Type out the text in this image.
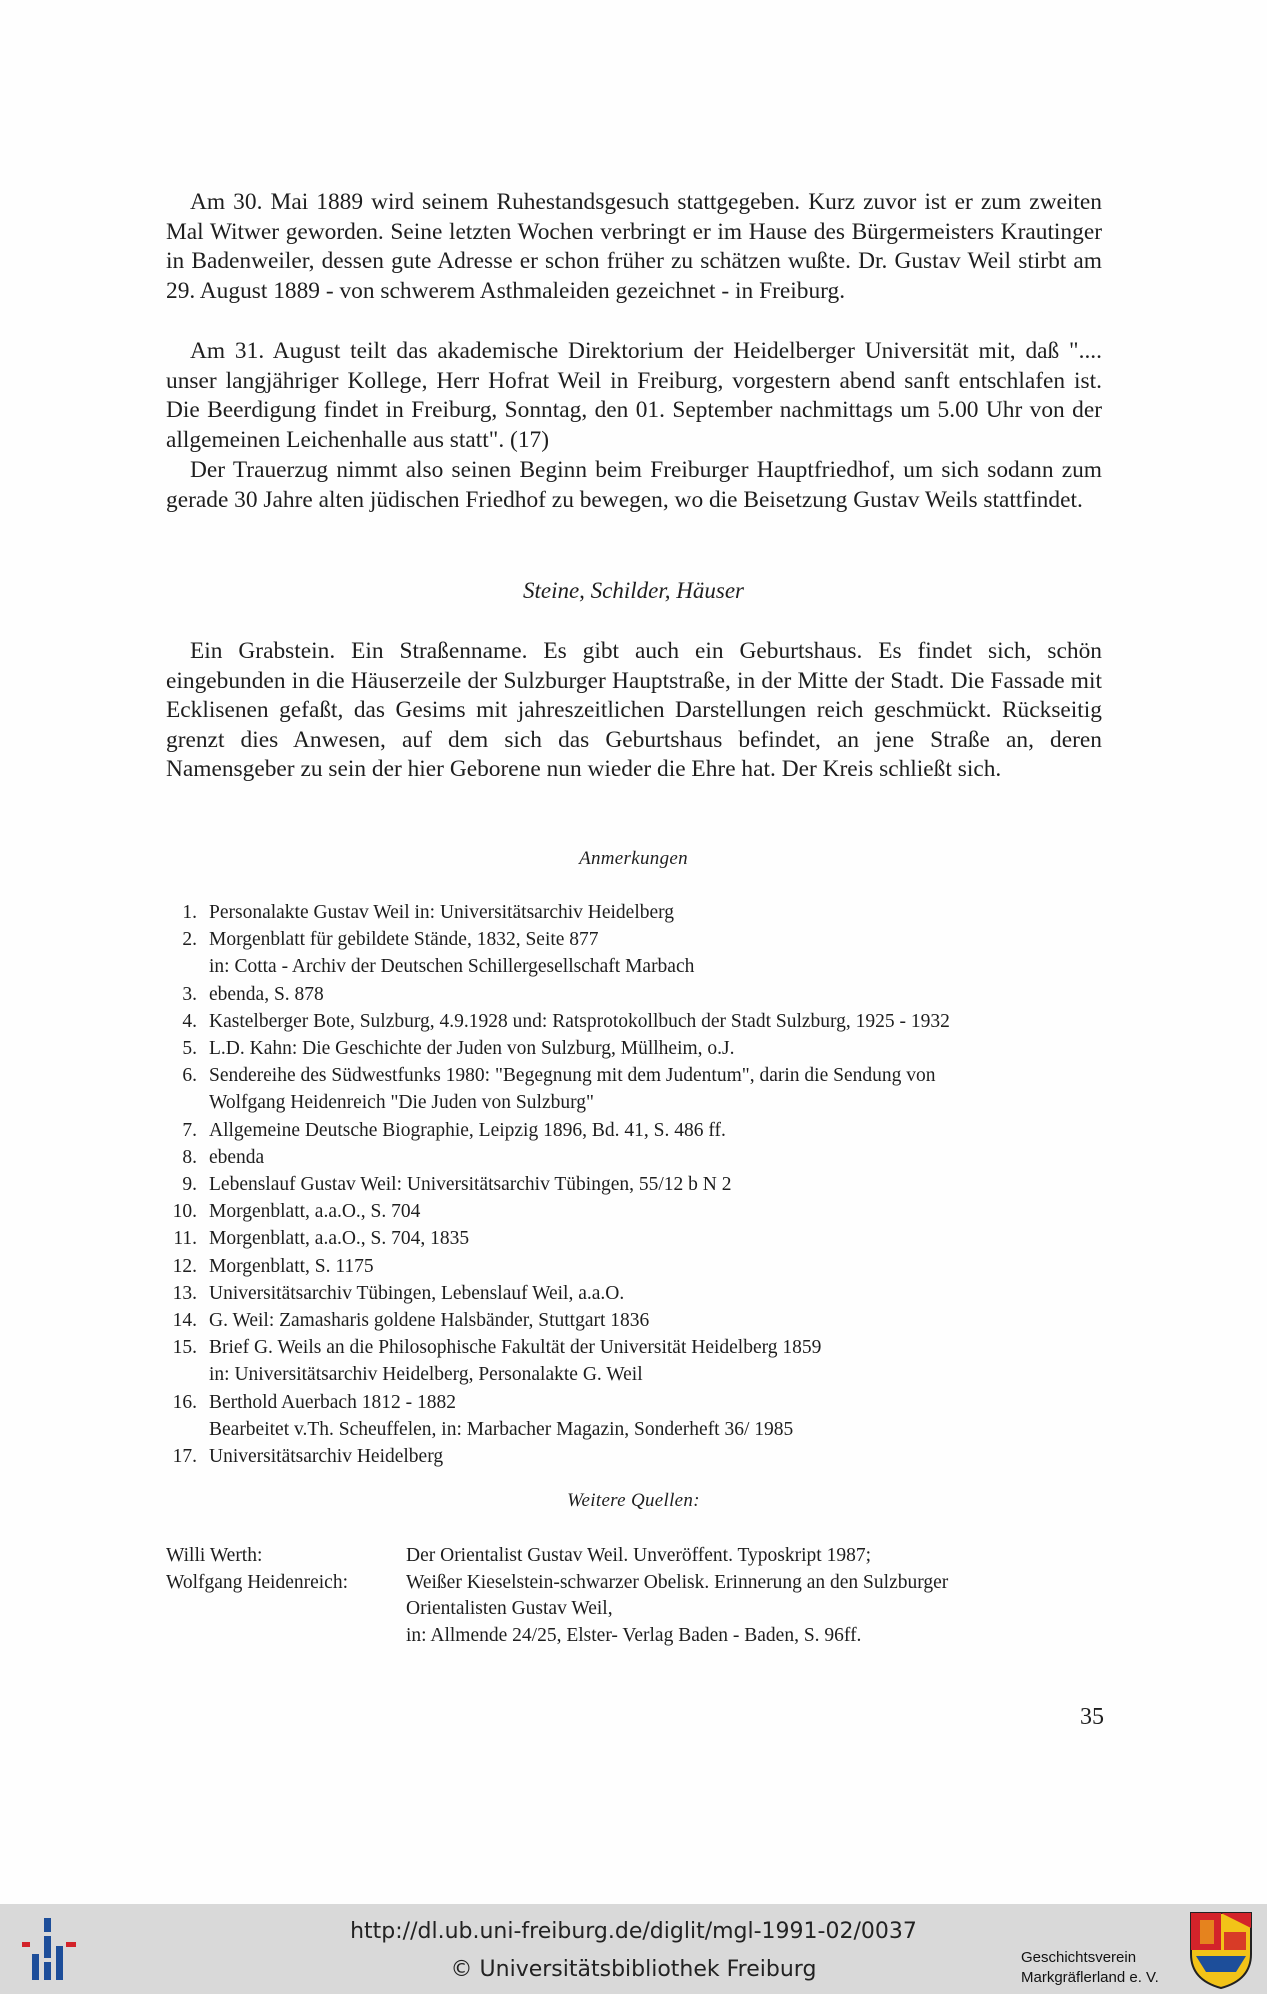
Am 30. Mai 1889 wird seinem Ruhestandsgesuch stattgegeben. Kurz zuvor ist er zum zweiten Mal Witwer geworden. Seine letzten Wochen verbringt er im Hause des Bürgermeisters Krautinger in Badenweiler, dessen gute Adresse er schon früher zu schätzen wußte. Dr. Gustav Weil stirbt am 29. August 1889 - von schwerem Asthmaleiden gezeichnet - in Freiburg.

Am 31. August teilt das akademische Direktorium der Heidelberger Universität mit, daß ".... unser langjähriger Kollege, Herr Hofrat Weil in Freiburg, vorgestern abend sanft entschlafen ist. Die Beerdigung findet in Freiburg, Sonntag, den 01. September nachmittags um 5.00 Uhr von der allgemeinen Leichenhalle aus statt". (17)

Der Trauerzug nimmt also seinen Beginn beim Freiburger Hauptfriedhof, um sich sodann zum gerade 30 Jahre alten jüdischen Friedhof zu bewegen, wo die Beisetzung Gustav Weils stattfindet.

Steine, Schilder, Häuser

Ein Grabstein. Ein Straßenname. Es gibt auch ein Geburtshaus. Es findet sich, schön eingebunden in die Häuserzeile der Sulzburger Hauptstraße, in der Mitte der Stadt. Die Fassade mit Ecklisenen gefaßt, das Gesims mit jahreszeitlichen Darstellungen reich geschmückt. Rückseitig grenzt dies Anwesen, auf dem sich das Geburtshaus befindet, an jene Straße an, deren Namensgeber zu sein der hier Geborene nun wieder die Ehre hat. Der Kreis schließt sich.

Anmerkungen

1. Personalakte Gustav Weil in: Universitätsarchiv Heidelberg
2. Morgenblatt für gebildete Stände, 1832, Seite 877
in: Cotta - Archiv der Deutschen Schillergesellschaft Marbach
3. ebenda, S. 878
4. Kastelberger Bote, Sulzburg, 4.9.1928 und: Ratsprotokollbuch der Stadt Sulzburg, 1925 - 1932
5. L.D. Kahn: Die Geschichte der Juden von Sulzburg, Müllheim, o.J.
6. Sendereihe des Südwestfunks 1980: "Begegnung mit dem Judentum", darin die Sendung von
Wolfgang Heidenreich "Die Juden von Sulzburg"
7. Allgemeine Deutsche Biographie, Leipzig 1896, Bd. 41, S. 486 ff.
8. ebenda
9. Lebenslauf Gustav Weil: Universitätsarchiv Tübingen, 55/12 b N 2
10. Morgenblatt, a.a.O., S. 704
11. Morgenblatt, a.a.O., S. 704, 1835
12. Morgenblatt, S. 1175
13. Universitätsarchiv Tübingen, Lebenslauf Weil, a.a.O.
14. G. Weil: Zamasharis goldene Halsbänder, Stuttgart 1836
15. Brief G. Weils an die Philosophische Fakultät der Universität Heidelberg 1859
in: Universitätsarchiv Heidelberg, Personalakte G. Weil
16. Berthold Auerbach 1812 - 1882
Bearbeitet v.Th. Scheuffelen, in: Marbacher Magazin, Sonderheft 36/ 1985
17. Universitätsarchiv Heidelberg

Weitere Quellen:

Willi Werth:	Der Orientalist Gustav Weil. Unveröffent. Typoskript 1987;
Wolfgang Heidenreich:	Weißer Kieselstein-schwarzer Obelisk. Erinnerung an den Sulzburger
Orientalisten Gustav Weil,
in: Allmende 24/25, Elster- Verlag Baden - Baden, S. 96ff.
35
http://dl.ub.uni-freiburg.de/diglit/mgl-1991-02/0037
© Universitätsbibliothek Freiburg	Geschichtsverein
Markgräflerland e. V.
